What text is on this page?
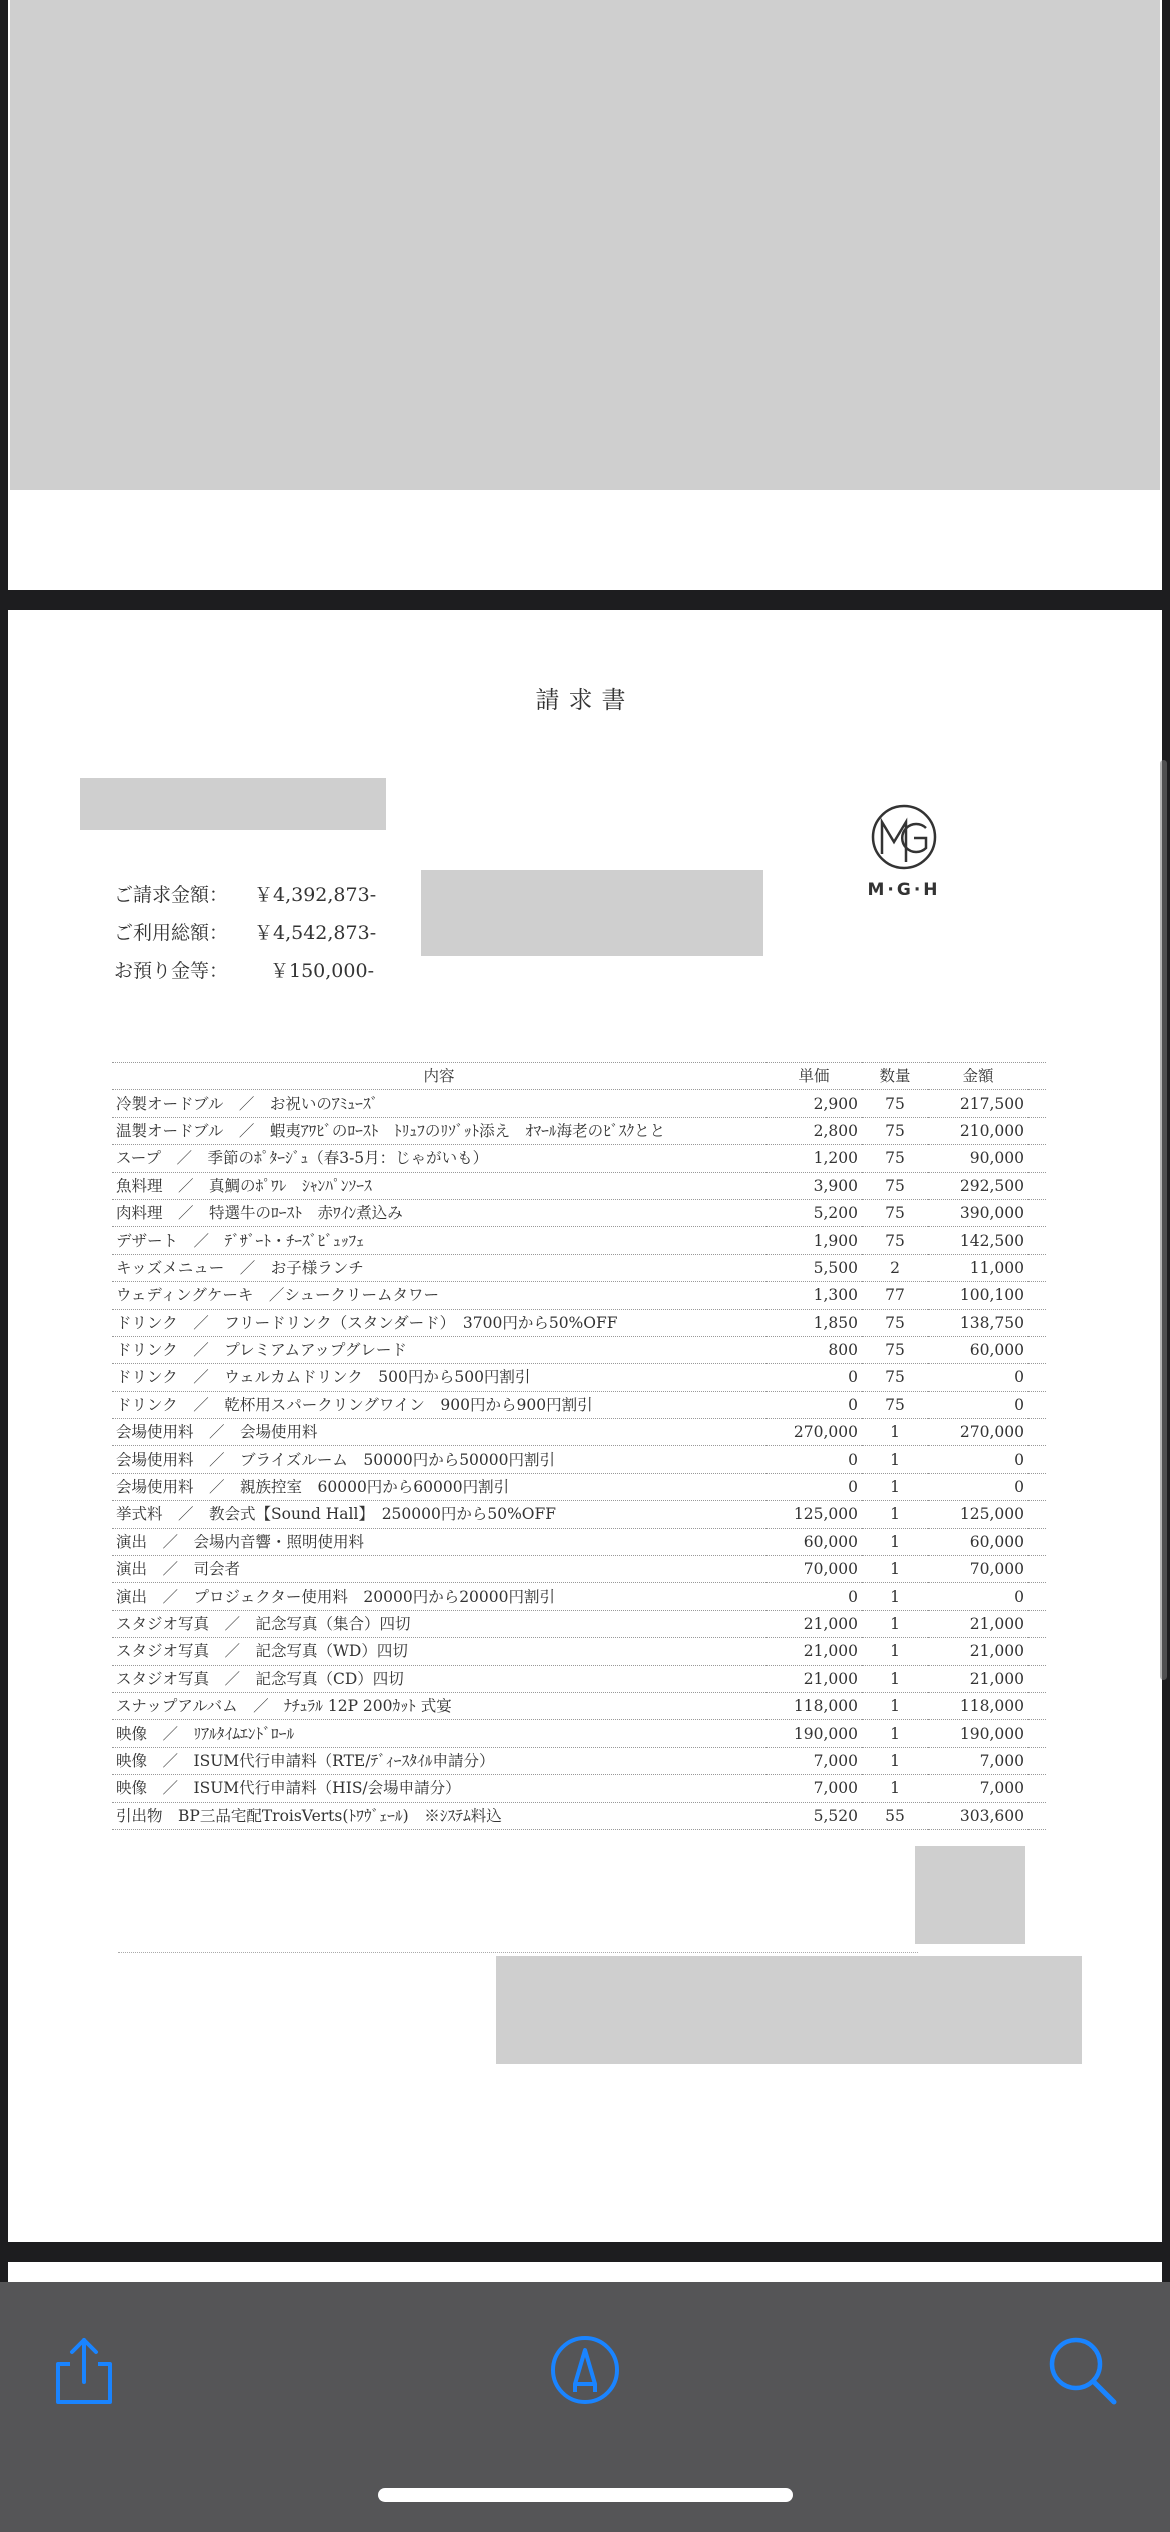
請求書
ご請求金額： ￥4,392,873-
ご利用総額： ￥4,542,873-
お預り金等： ￥150,000-
M·G·H
内容	単価	数量	金額	
冷製オードブル　／　お祝いのｱﾐｭｰｽﾞ	2,900	75	217,500	
温製オードブル　／　蝦夷ｱﾜﾋﾞのﾛｰｽﾄ　ﾄﾘｭﾌのﾘｿﾞｯﾄ添え　ｵﾏｰﾙ海老のﾋﾞｽｸとと	2,800	75	210,000	
スープ　／　季節のﾎﾟﾀｰｼﾞｭ（春3-5月：じゃがいも）	1,200	75	90,000	
魚料理　／　真鯛のﾎﾟﾜﾚ　ｼｬﾝﾊﾟﾝｿｰｽ	3,900	75	292,500	
肉料理　／　特選牛のﾛｰｽﾄ　赤ﾜｲﾝ煮込み	5,200	75	390,000	
デザート　／　ﾃﾞｻﾞｰﾄ・ﾁｰｽﾞﾋﾞｭｯﾌｪ	1,900	75	142,500	
キッズメニュー　／　お子様ランチ	5,500	2	11,000	
ウェディングケーキ　／シュークリームタワー	1,300	77	100,100	
ドリンク　／　フリードリンク（スタンダード）　3700円から50%OFF	1,850	75	138,750	
ドリンク　／　プレミアムアップグレード	800	75	60,000	
ドリンク　／　ウェルカムドリンク　500円から500円割引	0	75	0	
ドリンク　／　乾杯用スパークリングワイン　900円から900円割引	0	75	0	
会場使用料　／　会場使用料	270,000	1	270,000	
会場使用料　／　ブライズルーム　50000円から50000円割引	0	1	0	
会場使用料　／　親族控室　60000円から60000円割引	0	1	0	
挙式料　／　教会式【Sound Hall】　250000円から50%OFF	125,000	1	125,000	
演出　／　会場内音響・照明使用料	60,000	1	60,000	
演出　／　司会者	70,000	1	70,000	
演出　／　プロジェクター使用料　20000円から20000円割引	0	1	0	
スタジオ写真　／　記念写真（集合）四切	21,000	1	21,000	
スタジオ写真　／　記念写真（WD）四切	21,000	1	21,000	
スタジオ写真　／　記念写真（CD）四切	21,000	1	21,000	
スナップアルバム　／　ﾅﾁｭﾗﾙ 12P 200ｶｯﾄ 式宴	118,000	1	118,000	
映像　／　ﾘｱﾙﾀｲﾑｴﾝﾄﾞﾛｰﾙ	190,000	1	190,000	
映像　／　ISUM代行申請料（RTE/ﾃﾞｨｰｽﾀｲﾙ申請分）	7,000	1	7,000	
映像　／　ISUM代行申請料（HIS/会場申請分）	7,000	1	7,000	
引出物　BP三品宅配TroisVerts(ﾄﾜｳﾞｪｰﾙ)　※ｼｽﾃﾑ料込	5,520	55	303,600	
